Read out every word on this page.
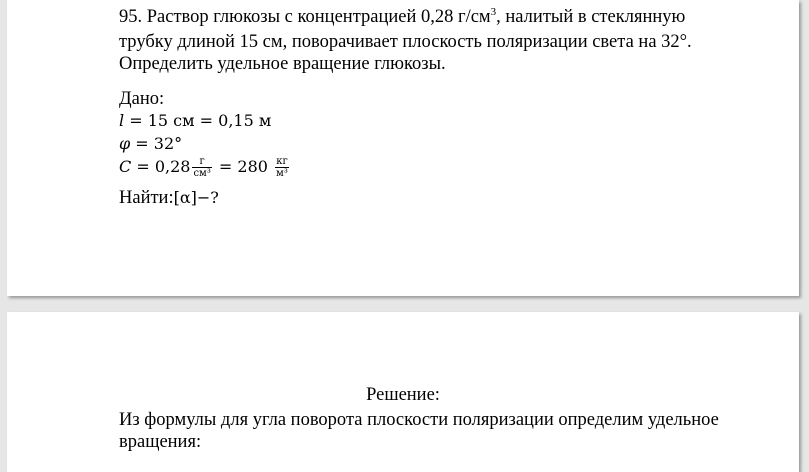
95. Раствор глюкозы с концентрацией 0,28 $г/см^3$, налитый в стеклянную
трубку длиной 15 см, поворачивает плоскость поляризации света на 32°.
Определить удельное вращение глюкозы.
Дано:
l = 15 см = 0,15 м
φ = 32°
$C = 0,28 \frac{г}{\text{см³}} = 280 \frac{кг}{\text{м³}}$
Найти:[α]−?
Решение:
Из формулы для угла поворота плоскости поляризации определим удельное
вращения:
